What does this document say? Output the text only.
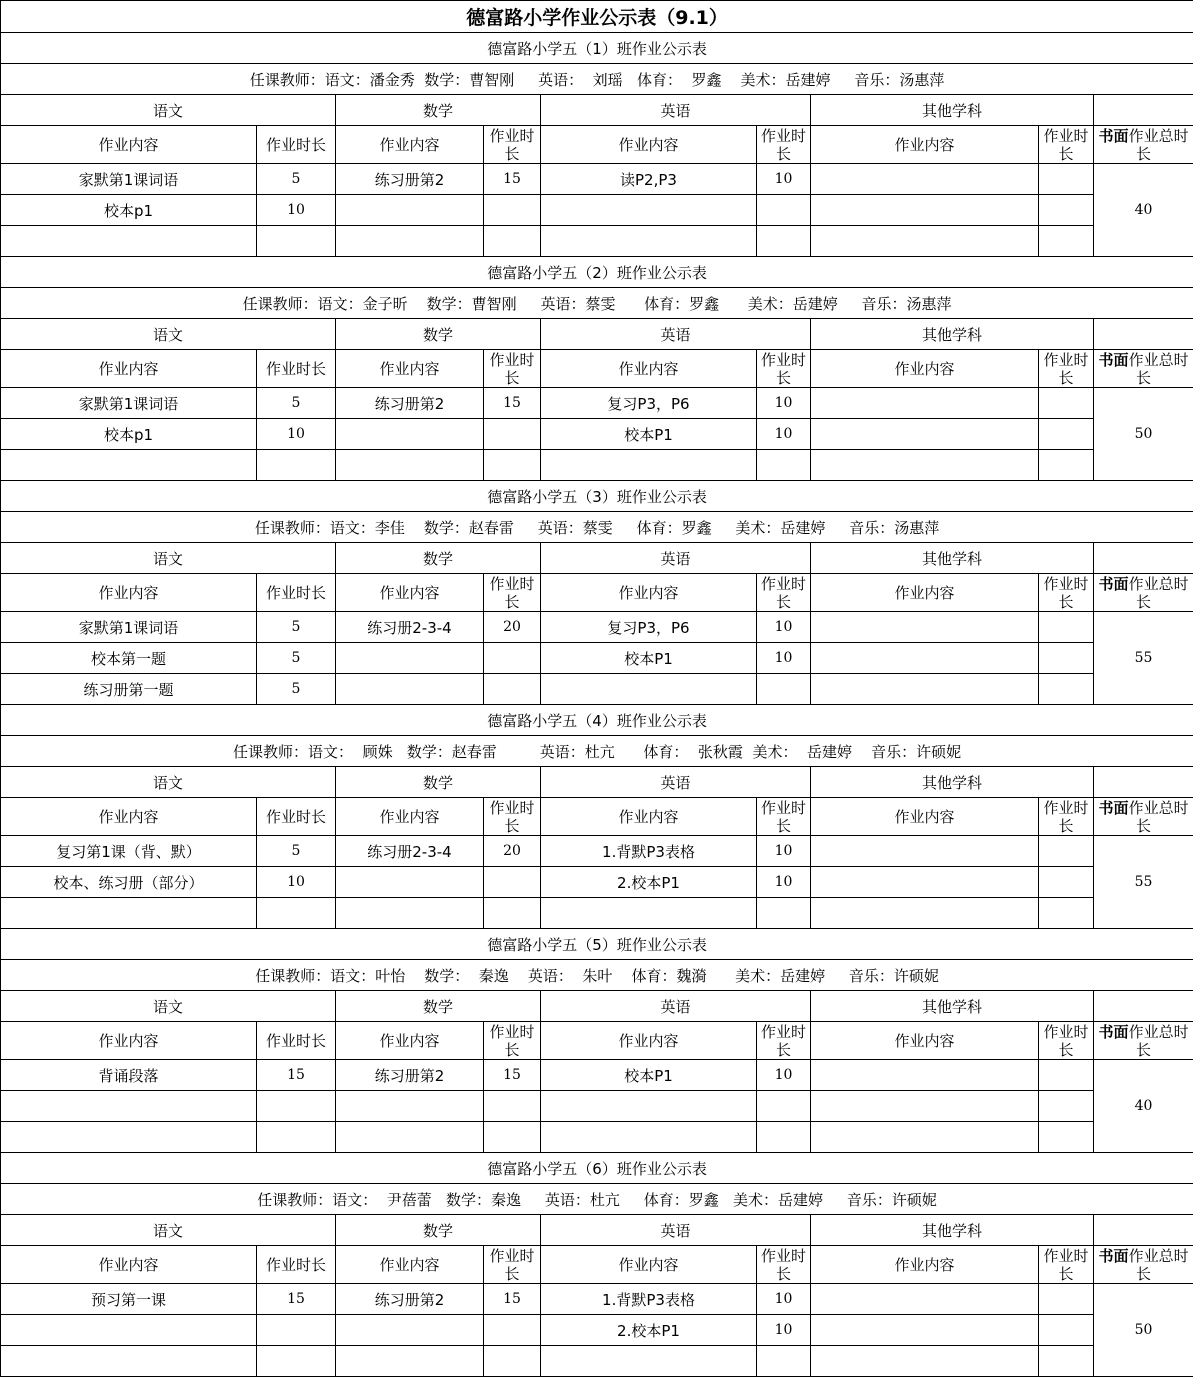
德富路小学作业公示表（9.1）								
德富路小学五（1）班作业公示表								
任课教师：语文：潘金秀  数学：曹智刚     英语：  刘瑶   体育：  罗鑫    美术：岳建婷     音乐：汤惠萍								
语文		数学		英语		其他学科		
作业内容	作业时长	作业内容	作业时长	作业内容	作业时长	作业内容	作业时长	书面作业总时长
家默第1课词语	5	练习册第2	15	读P2,P3	10			40
校本p1	10							

德富路小学五（2）班作业公示表								
任课教师：语文：金子昕    数学：曹智刚     英语：蔡雯      体育：罗鑫      美术：岳建婷     音乐：汤惠萍								
语文		数学		英语		其他学科		
作业内容	作业时长	作业内容	作业时长	作业内容	作业时长	作业内容	作业时长	书面作业总时长
家默第1课词语	5	练习册第2	15	复习P3，P6	10			50
校本p1	10			校本P1	10			

德富路小学五（3）班作业公示表								
任课教师：语文：李佳    数学：赵春雷     英语：蔡雯     体育：罗鑫     美术：岳建婷     音乐：汤惠萍								
语文		数学		英语		其他学科		
作业内容	作业时长	作业内容	作业时长	作业内容	作业时长	作业内容	作业时长	书面作业总时长
家默第1课词语	5	练习册2-3-4	20	复习P3，P6	10			55
校本第一题	5			校本P1	10			
练习册第一题	5							
德富路小学五（4）班作业公示表								
任课教师：语文：  顾姝   数学：赵春雷         英语：杜亢      体育：  张秋霞  美术：  岳建婷    音乐：许硕妮								
语文		数学		英语		其他学科		
作业内容	作业时长	作业内容	作业时长	作业内容	作业时长	作业内容	作业时长	书面作业总时长
复习第1课（背、默）	5	练习册2-3-4	20	1.背默P3表格	10			55
校本、练习册（部分）	10			2.校本P1	10			

德富路小学五（5）班作业公示表								
任课教师：语文：叶怡    数学：  秦逸    英语：  朱叶    体育：魏漪      美术：岳建婷     音乐：许硕妮								
语文		数学		英语		其他学科		
作业内容	作业时长	作业内容	作业时长	作业内容	作业时长	作业内容	作业时长	书面作业总时长
背诵段落	15	练习册第2	15	校本P1	10			40

德富路小学五（6）班作业公示表								
任课教师：语文：  尹蓓蕾   数学：秦逸     英语：杜亢     体育：罗鑫   美术：岳建婷     音乐：许硕妮								
语文		数学		英语		其他学科		
作业内容	作业时长	作业内容	作业时长	作业内容	作业时长	作业内容	作业时长	书面作业总时长
预习第一课	15	练习册第2	15	1.背默P3表格	10			50
				2.校本P1	10			
